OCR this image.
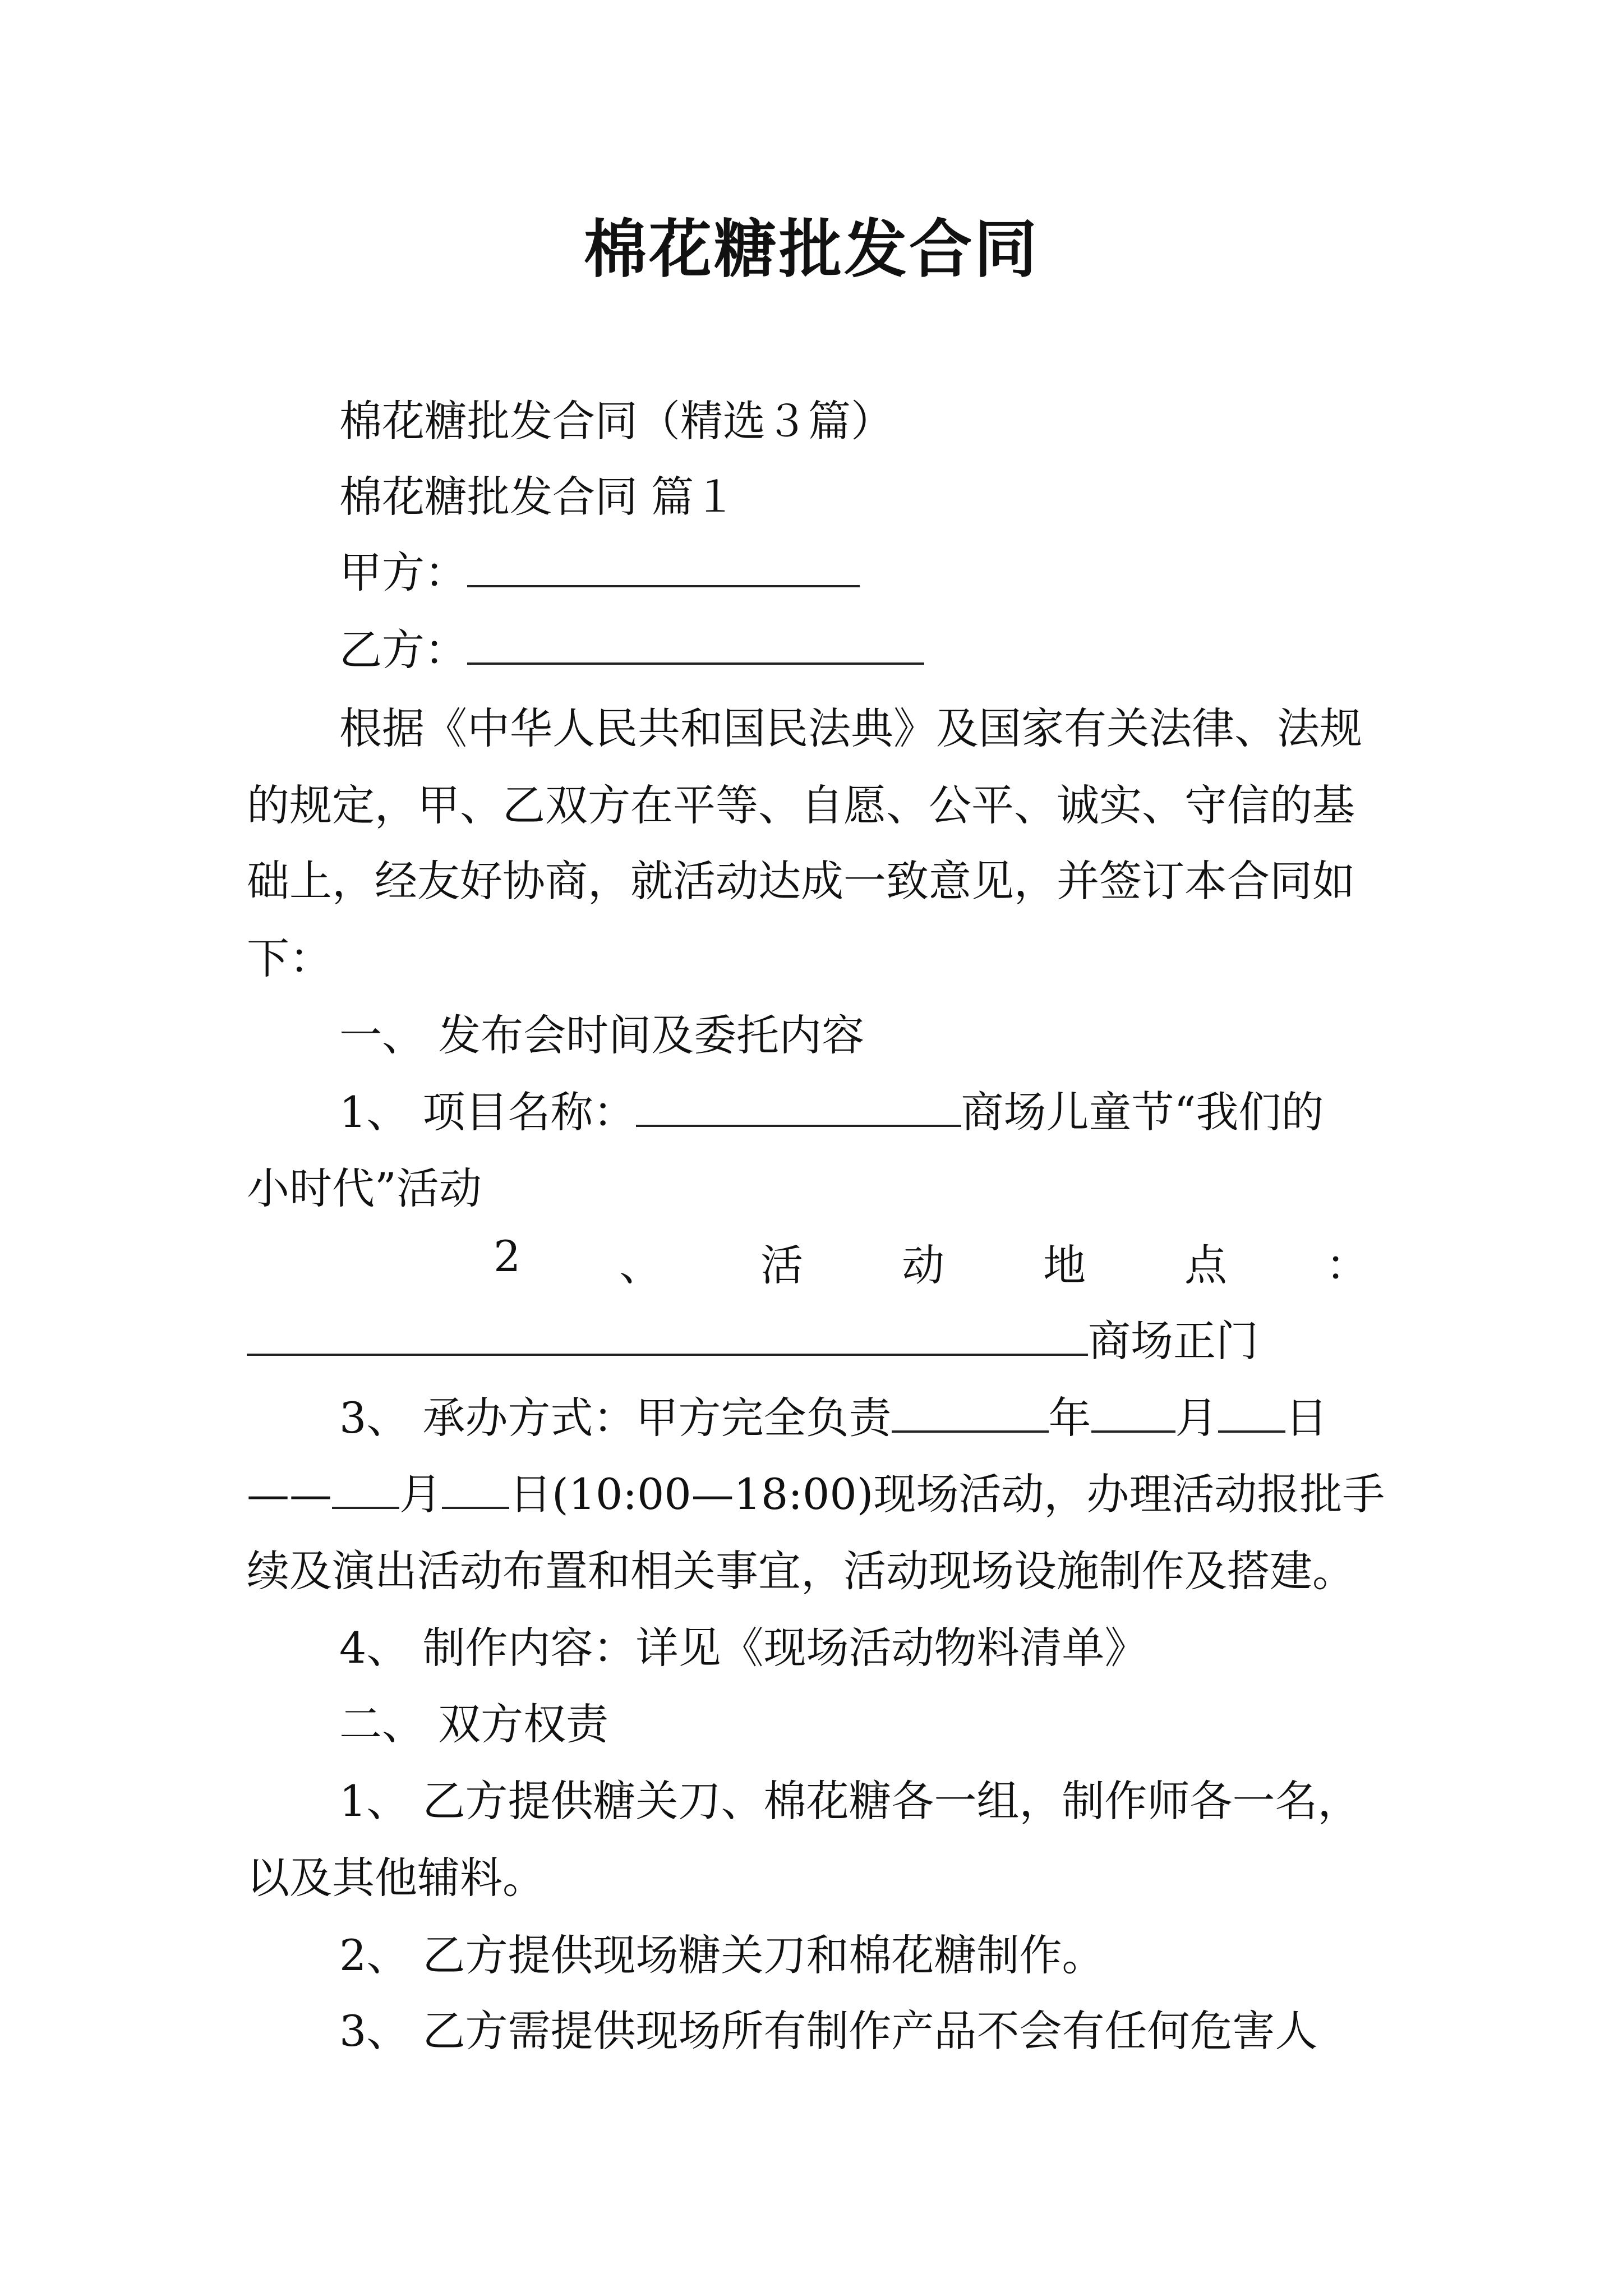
棉花糖批发合同
棉花糖批发合同（精选３篇）
棉花糖批发合同 篇１
甲方：
乙方：
根据《中华人民共和国民法典》及国家有关法律、法规
的规定，甲、乙双方在平等、自愿、公平、诚实、守信的基
础上，经友好协商，就活动达成一致意见，并签订本合同如
下：
一、 发布会时间及委托内容
1、 项目名称：	商场儿童节“我们的
小时代”活动
2 、 活 动 地 点 ：
商场正门
3、 承办方式：甲方完全负责	年 月 日
—— 月 日(10:00—18:00)现场活动，办理活动报批手
续及演出活动布置和相关事宜，活动现场设施制作及搭建。
4、 制作内容：详见《现场活动物料清单》
二、 双方权责
1、 乙方提供糖关刀、棉花糖各一组，制作师各一名，
以及其他辅料。
2、 乙方提供现场糖关刀和棉花糖制作。
3、 乙方需提供现场所有制作产品不会有任何危害人
